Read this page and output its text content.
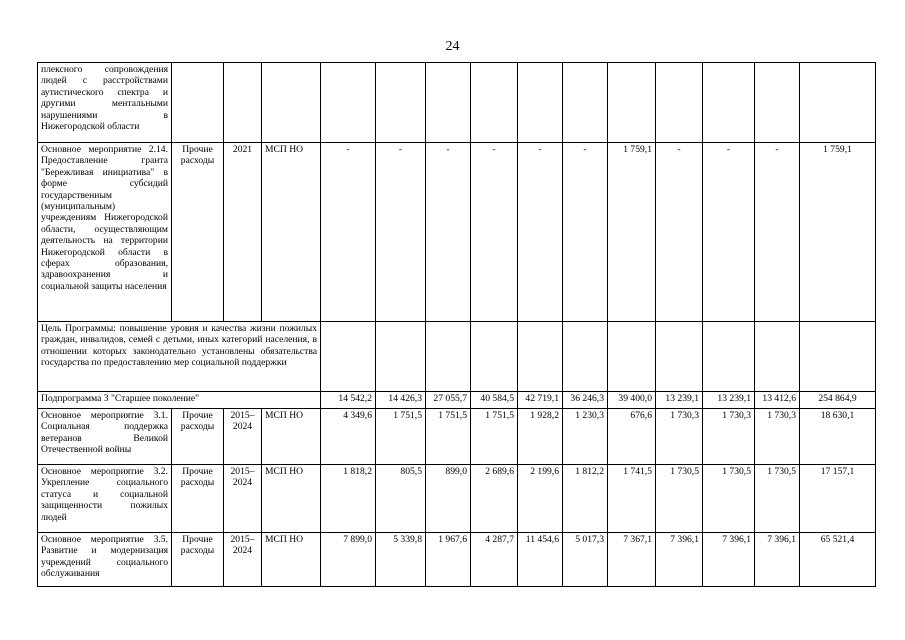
24
плексного сопровождения людей с расстройствами аутистического спектра и другими ментальными нарушениями в Нижегородской области														
Основное мероприятие 2.14. Предоставление гранта "Бережливая инициатива" в форме субсидий государственным (муниципальным) учреждениям Нижегородской области, осуществляющим деятельность на территории Нижегородской области в сферах образования, здравоохранения и социальной защиты населения	Прочие расходы	2021	МСП НО	-	-	-	-	-	-	1 759,1	-	-	-	1 759,1
Цель Программы: повышение уровня и качества жизни пожилых граждан, инвалидов, семей с детьми, иных категорий населения, в отношении которых законодательно установлены обязательства государства по предоставлению мер социальной поддержки														
Подпрограмма 3 "Старшее поколение"				14 542,2	14 426,3	27 055,7	40 584,5	42 719,1	36 246,3	39 400,0	13 239,1	13 239,1	13 412,6	254 864,9
Основное мероприятие 3.1. Социальная поддержка ветеранов Великой Отечественной войны	Прочие расходы	2015–2024	МСП НО	4 349,6	1 751,5	1 751,5	1 751,5	1 928,2	1 230,3	676,6	1 730,3	1 730,3	1 730,3	18 630,1
Основное мероприятие 3.2. Укрепление социального статуса и социальной защищенности пожилых людей	Прочие расходы	2015–2024	МСП НО	1 818,2	805,5	899,0	2 689,6	2 199,6	1 812,2	1 741,5	1 730,5	1 730,5	1 730,5	17 157,1
Основное мероприятие 3.5. Развитие и модернизация учреждений социального обслуживания	Прочие расходы	2015–2024	МСП НО	7 899,0	5 339,8	1 967,6	4 287,7	11 454,6	5 017,3	7 367,1	7 396,1	7 396,1	7 396,1	65 521,4
